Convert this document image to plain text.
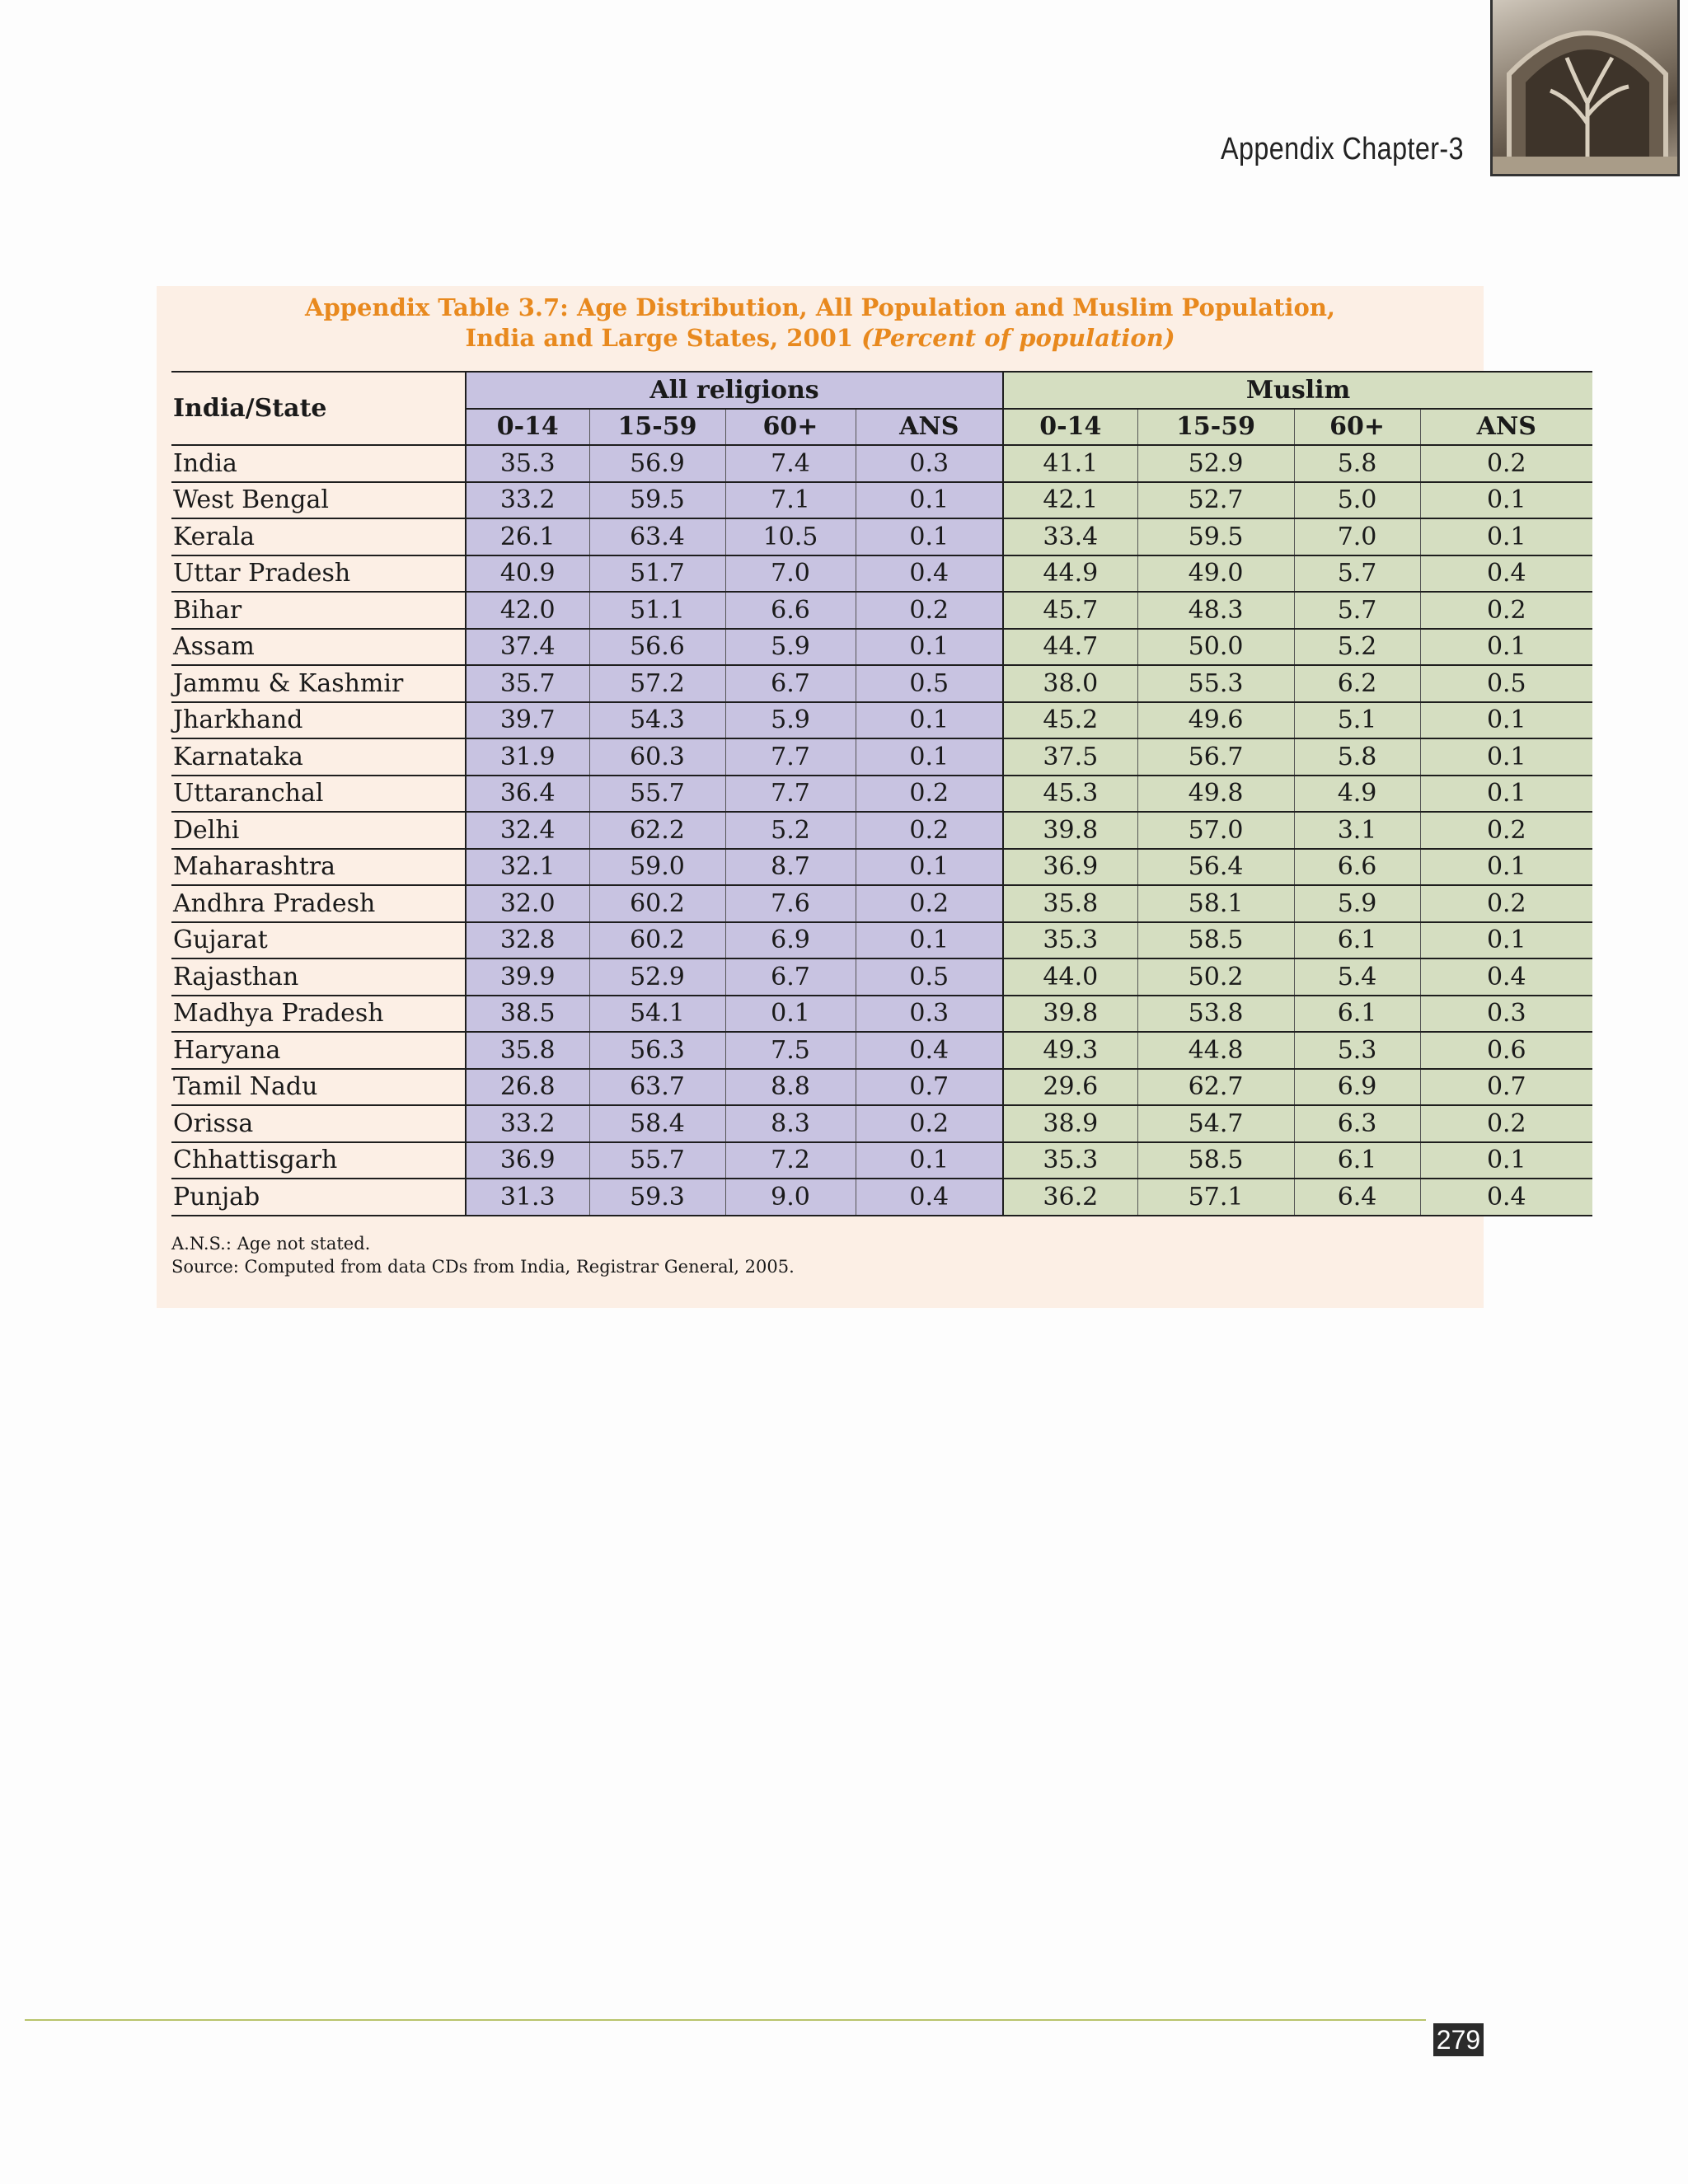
Appendix Chapter-3
Appendix Table 3.7: Age Distribution, All Population and Muslim Population,
India and Large States, 2001 (Percent of population)
India/State	All religions				Muslim			
	0-14	15-59	60+	ANS	0-14	15-59	60+	ANS
India	35.3	56.9	7.4	0.3	41.1	52.9	5.8	0.2
West Bengal	33.2	59.5	7.1	0.1	42.1	52.7	5.0	0.1
Kerala	26.1	63.4	10.5	0.1	33.4	59.5	7.0	0.1
Uttar Pradesh	40.9	51.7	7.0	0.4	44.9	49.0	5.7	0.4
Bihar	42.0	51.1	6.6	0.2	45.7	48.3	5.7	0.2
Assam	37.4	56.6	5.9	0.1	44.7	50.0	5.2	0.1
Jammu & Kashmir	35.7	57.2	6.7	0.5	38.0	55.3	6.2	0.5
Jharkhand	39.7	54.3	5.9	0.1	45.2	49.6	5.1	0.1
Karnataka	31.9	60.3	7.7	0.1	37.5	56.7	5.8	0.1
Uttaranchal	36.4	55.7	7.7	0.2	45.3	49.8	4.9	0.1
Delhi	32.4	62.2	5.2	0.2	39.8	57.0	3.1	0.2
Maharashtra	32.1	59.0	8.7	0.1	36.9	56.4	6.6	0.1
Andhra Pradesh	32.0	60.2	7.6	0.2	35.8	58.1	5.9	0.2
Gujarat	32.8	60.2	6.9	0.1	35.3	58.5	6.1	0.1
Rajasthan	39.9	52.9	6.7	0.5	44.0	50.2	5.4	0.4
Madhya Pradesh	38.5	54.1	0.1	0.3	39.8	53.8	6.1	0.3
Haryana	35.8	56.3	7.5	0.4	49.3	44.8	5.3	0.6
Tamil Nadu	26.8	63.7	8.8	0.7	29.6	62.7	6.9	0.7
Orissa	33.2	58.4	8.3	0.2	38.9	54.7	6.3	0.2
Chhattisgarh	36.9	55.7	7.2	0.1	35.3	58.5	6.1	0.1
Punjab	31.3	59.3	9.0	0.4	36.2	57.1	6.4	0.4
A.N.S.: Age not stated.
Source: Computed from data CDs from India, Registrar General, 2005.
279
